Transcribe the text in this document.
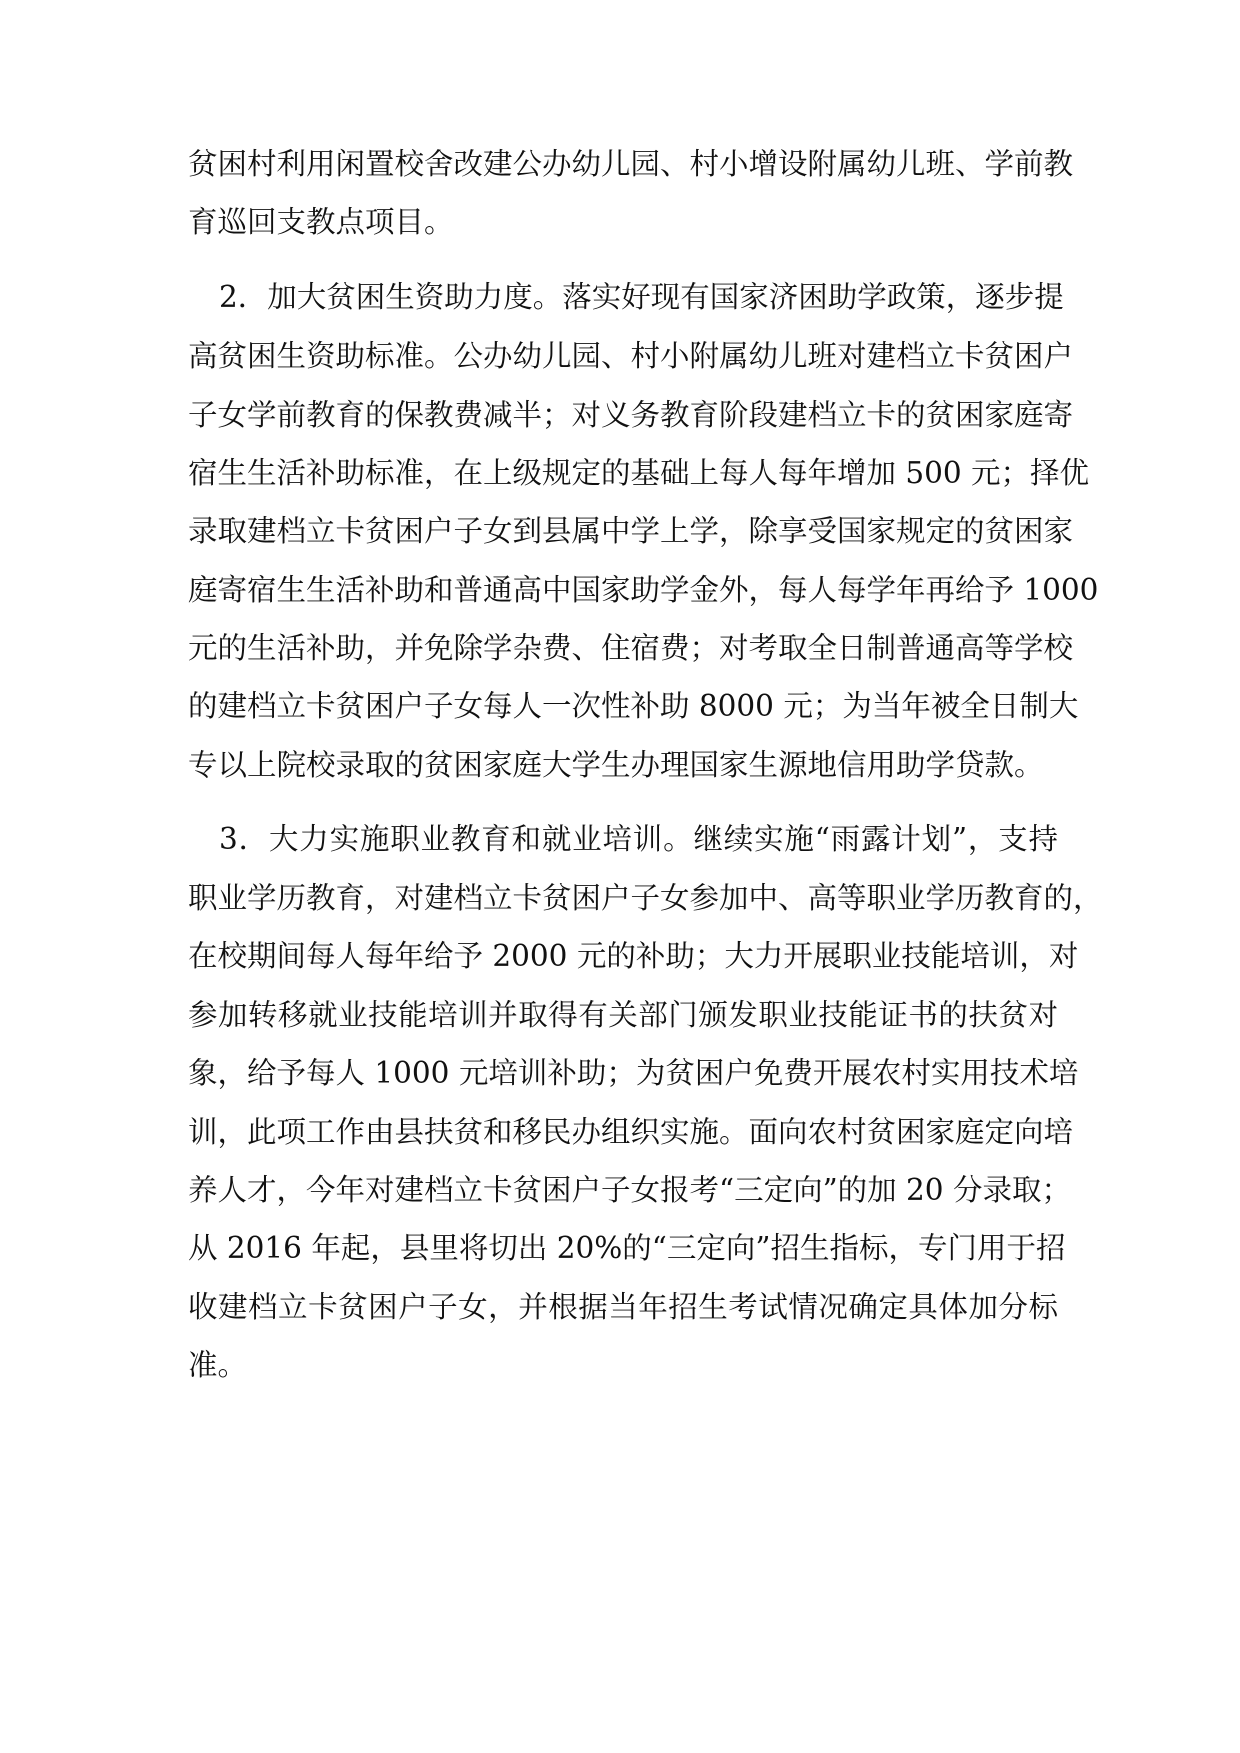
贫困村利用闲置校舍改建公办幼儿园、村小增设附属幼儿班、学前教
育巡回支教点项目。
2．加大贫困生资助力度。落实好现有国家济困助学政策，逐步提
高贫困生资助标准。公办幼儿园、村小附属幼儿班对建档立卡贫困户
子女学前教育的保教费减半；对义务教育阶段建档立卡的贫困家庭寄
宿生生活补助标准，在上级规定的基础上每人每年增加 500 元；择优
录取建档立卡贫困户子女到县属中学上学，除享受国家规定的贫困家
庭寄宿生生活补助和普通高中国家助学金外，每人每学年再给予 1000
元的生活补助，并免除学杂费、住宿费；对考取全日制普通高等学校
的建档立卡贫困户子女每人一次性补助 8000 元；为当年被全日制大
专以上院校录取的贫困家庭大学生办理国家生源地信用助学贷款。
3．大力实施职业教育和就业培训。继续实施“雨露计划”，支持
职业学历教育，对建档立卡贫困户子女参加中、高等职业学历教育的，
在校期间每人每年给予 2000 元的补助；大力开展职业技能培训，对
参加转移就业技能培训并取得有关部门颁发职业技能证书的扶贫对
象，给予每人 1000 元培训补助；为贫困户免费开展农村实用技术培
训，此项工作由县扶贫和移民办组织实施。面向农村贫困家庭定向培
养人才，今年对建档立卡贫困户子女报考“三定向”的加 20 分录取；
从 2016 年起，县里将切出 20%的“三定向”招生指标，专门用于招
收建档立卡贫困户子女，并根据当年招生考试情况确定具体加分标
准。
